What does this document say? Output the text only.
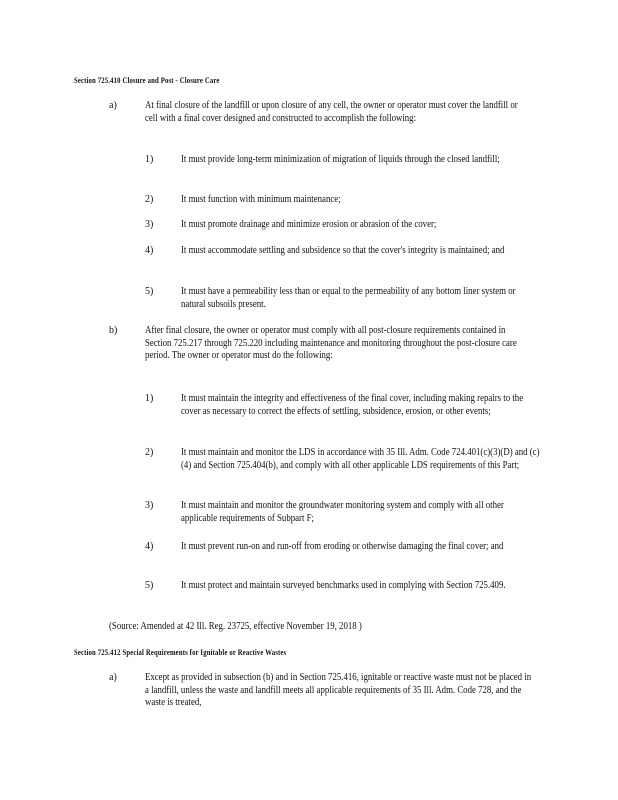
Section 725.410 Closure and Post - Closure Care
a)	At final closure of the landfill or upon closure of any cell, the owner or operator must cover the landfill or cell with a final cover designed and constructed to accomplish the following:
1)	It must provide long-term minimization of migration of liquids through the closed landfill;
2)	It must function with minimum maintenance;
3)	It must promote drainage and minimize erosion or abrasion of the cover;
4)	It must accommodate settling and subsidence so that the cover's integrity is maintained; and
5)	It must have a permeability less than or equal to the permeability of any bottom liner system or natural subsoils present.
b)	After final closure, the owner or operator must comply with all post-closure requirements contained in Section 725.217 through 725.220 including maintenance and monitoring throughout the post-closure care period. The owner or operator must do the following:
1)	It must maintain the integrity and effectiveness of the final cover, including making repairs to the cover as necessary to correct the effects of settling, subsidence, erosion, or other events;
2)	It must maintain and monitor the LDS in accordance with 35 Ill. Adm. Code 724.401(c)(3)(D) and (c)(4) and Section 725.404(b), and comply with all other applicable LDS requirements of this Part;
3)	It must maintain and monitor the groundwater monitoring system and comply with all other applicable requirements of Subpart F;
4)	It must prevent run-on and run-off from eroding or otherwise damaging the final cover; and
5)	It must protect and maintain surveyed benchmarks used in complying with Section 725.409.
(Source: Amended at 42 Ill. Reg. 23725, effective November 19, 2018 )
Section 725.412 Special Requirements for Ignitable or Reactive Wastes
a)	Except as provided in subsection (b) and in Section 725.416, ignitable or reactive waste must not be placed in a landfill, unless the waste and landfill meets all applicable requirements of 35 Ill. Adm. Code 728, and the waste is treated,
